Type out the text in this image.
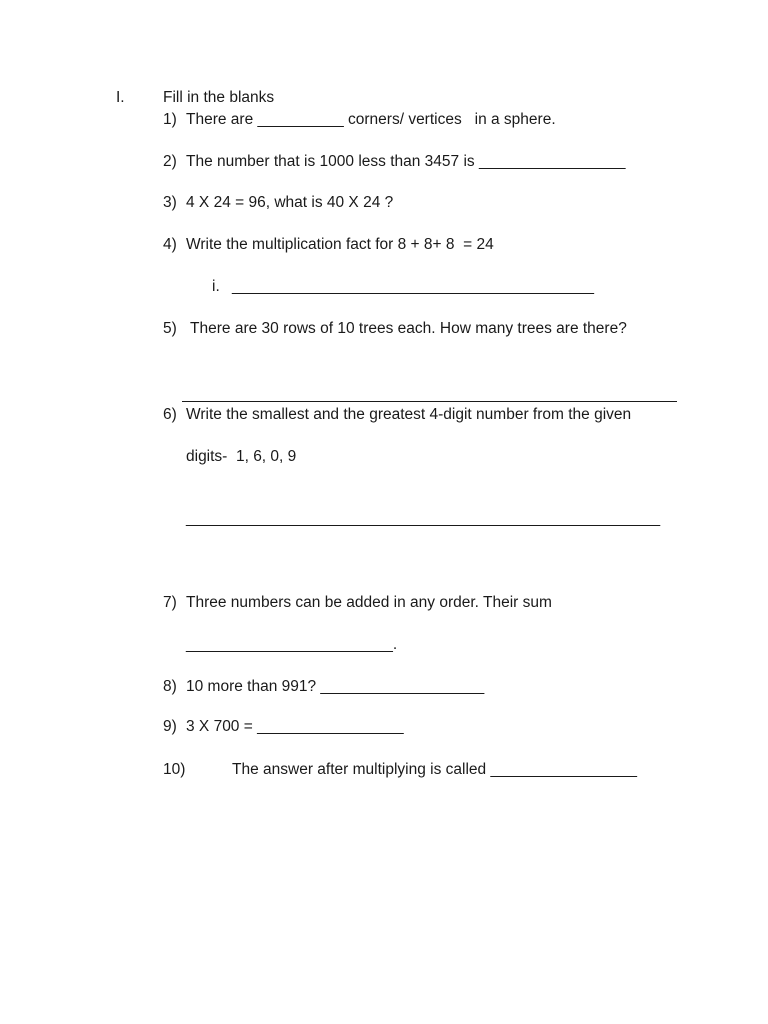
I. Fill in the blanks
1) There are __________ corners/ vertices   in a sphere.
2) The number that is 1000 less than 3457 is _________________
3) 4 X 24 = 96, what is 40 X 24 ?
4) Write the multiplication fact for 8 + 8+ 8  = 24
i. __________________________________________
5) There are 30 rows of 10 trees each. How many trees are there?
6) Write the smallest and the greatest 4-digit number from the given
digits-  1, 6, 0, 9
_______________________________________________________
7) Three numbers can be added in any order. Their sum
________________________.
8) 10 more than 991? ___________________
9) 3 X 700 = _________________
10)	The answer after multiplying is called _________________
